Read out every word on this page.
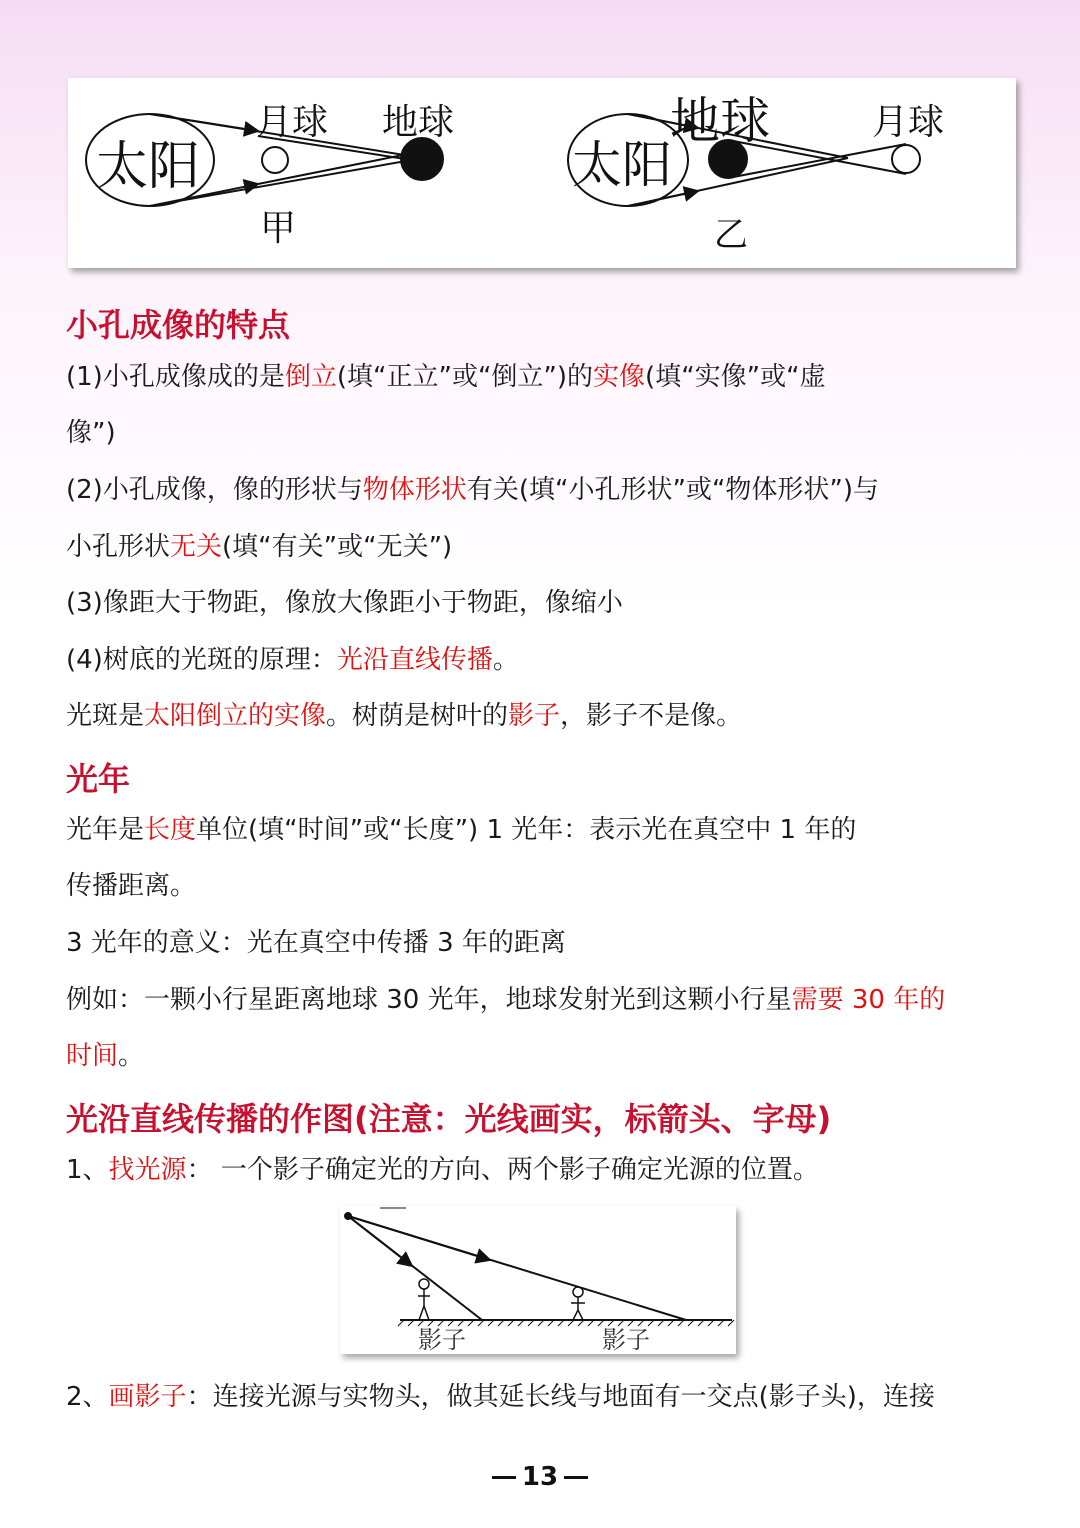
太阳
月球 地球
甲
太阳
地球	月球
乙
小孔成像的特点
(1)小孔成像成的是倒立(填“正立”或“倒立”)的实像(填“实像”或“虚
像”)
(2)小孔成像，像的形状与物体形状有关(填“小孔形状”或“物体形状”)与
小孔形状无关(填“有关”或“无关”)
(3)像距大于物距，像放大像距小于物距，像缩小
(4)树底的光斑的原理：光沿直线传播。
光斑是太阳倒立的实像。树荫是树叶的影子，影子不是像。
光年
光年是长度单位(填“时间”或“长度”) 1 光年：表示光在真空中 1 年的
传播距离。
3 光年的意义：光在真空中传播 3 年的距离
例如：一颗小行星距离地球 30 光年，地球发射光到这颗小行星需要 30 年的
时间。
光沿直线传播的作图(注意：光线画实，标箭头、字母)
1、找光源： 一个影子确定光的方向、两个影子确定光源的位置。
影子	影子
2、画影子：连接光源与实物头，做其延长线与地面有一交点(影子头)，连接
13
